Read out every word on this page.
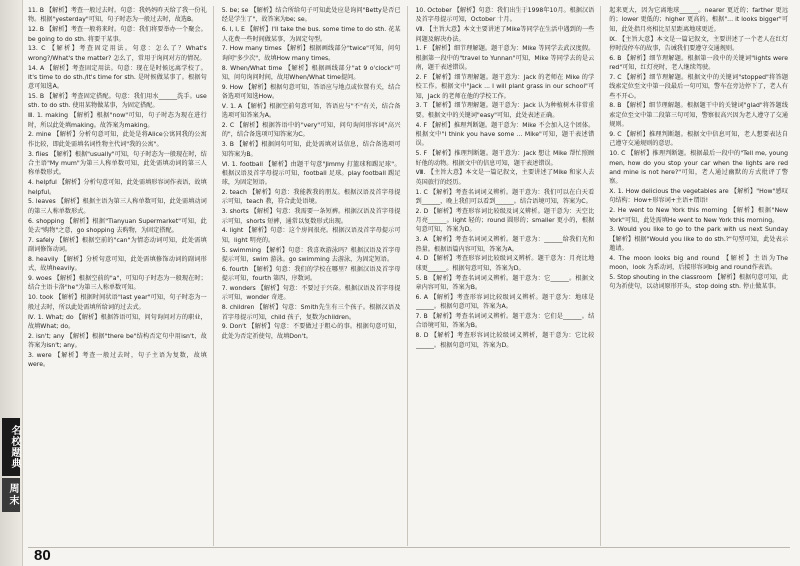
名校题典
周末

11. B 【解析】考查一般过去时。句意：我妈妈昨天给了我一份礼物。根据"yesterday"可知，句子时态为一般过去时，故选B。

12. B 【解析】考查一般将来时。句意：我们将要举办一个聚会。be going to do sth. 将要干某事。

13. C 【解析】考查固定用法。句意：怎么了？What's wrong?/What's the matter? 怎么了，常用于询问对方的情况。

14. A 【解析】考查固定用法。句意：现在是时候远离学校了。It's time to do sth./It's time for sth. 是时候做某事了。根据句意可知选A。

15. B 【解析】考查固定搭配。句意：我们用水______洗手。use sth. to do sth. 使用某物做某事，为固定搭配。

Ⅲ. 1. making 【解析】根据"now"可知，句子时态为现在进行时，所以此处填making。故答案为making。

2. mine 【解析】分析句意可知，此处是将Alice公寓同我的公寓作比较，即此处需填名词性物主代词"我的公寓"。

3. flies 【解析】根据"usually"可知，句子时态为一般现在时，结合主语"My mum"为第三人称单数可知，此处需填动词的第三人称单数形式。

4. helpful 【解析】分析句意可知，此处需填形容词作表语，故填helpful。

5. leaves 【解析】根据主语为第三人称单数可知，此处需填动词的第三人称单数形式。

6. shopping 【解析】根据"Tianyuan Supermarket"可知，此处去"购物"之意，go shopping 去购物，为固定搭配。

7. safely 【解析】根据空前的"can"为情态动词可知，此处需填副词修饰动词。

8. heavily 【解析】分析句意可知，此处需填修饰动词的副词形式，故填heavily。

9. woes 【解析】根据空前的"a"，可知句子时态为一般现在时；结合主语卡洛"he"为第三人称单数可知。

10. took 【解析】根据时间状语"last year"可知，句子时态为一般过去时，所以此处需填所给词的过去式。

Ⅳ. 1. What; do 【解析】根据答语可知，问句询问对方的职业，故填What; do。

2. isn't; any 【解析】根据"there be"结构否定句中用isn't，故答案为isn't; any。

3. were 【解析】考查一般过去时，句子主语为复数，故填were。

5. be; se 【解析】结合所给句子可知此处应是询问"Betty是否已经是学生了"，故答案为be; se。

6. I, I, E 【解析】I'll take the bus. some time to do sth. 花某人花费一些时间做某事，为固定句型。

7. How many times 【解析】根据画线部分"twice"可知，问句询问"多少次"，故填How many times。

8. When/What time 【解析】根据画线部分"at 9 o'clock"可知，问句询问时间，故用When/What time提问。

9. How 【解析】根据句意可知，答语应与地点或位置有关，结合备选项可知选How。

Ⅴ. 1. A 【解析】根据空前句意可知，答语应与"不"有关，结合备选项可知答案为A。

2. C 【解析】根据答语中的"very"可知，问句询问形容词"高兴的"，结合备选项可知答案为C。

3. B 【解析】根据问句可知，此处需填对话信息，结合备选项可知答案为B。

Ⅵ. 1. football 【解析】由题干句意"Jimmy 打篮球和踢足球"。根据汉语及首字母提示可知，football 足球。play football 踢足球，为固定短语。

2. teach 【解析】句意：我能教我的朋友。根据汉语及首字母提示可知，teach 教，符合此处语境。

3. shorts 【解析】句意：我需要一条短裤。根据汉语及首字母提示可知，shorts 短裤，通常以复数形式出现。

4. light 【解析】句意：这个房间很亮。根据汉语及首字母提示可知，light 明亮的。

5. swimming 【解析】句意：我喜欢游泳吗？根据汉语及首字母提示可知，swim 游泳。go swimming 去游泳，为固定短语。

6. fourth 【解析】句意：我们的学校在哪里？根据汉语及首字母提示可知，fourth 第四，序数词。

7. wonders 【解析】句意：不要过于兴奋。根据汉语及首字母提示可知，wonder 奇迹。

8. children 【解析】句意：Smith先生有三个孩子。根据汉语及首字母提示可知，child 孩子，复数为children。

9. Don't 【解析】句意：不要做过于粗心的事。根据句意可知，此处为否定祈使句，故填Don't。

10. October 【解析】句意：我们出生于1998年10月。根据汉语及首字母提示可知，October 十月。

Ⅶ. 【主旨大意】本文主要讲述了Mike等同学在生活中遇到的一些问题及解决办法。

1. F 【解析】细节理解题。题干意为：Mike 等同学去武汉度假。根据第一段中的"travel to Yunnan"可知，Mike 等同学去的是云南，题干表述错误。

2. F 【解析】细节理解题。题干意为：Jack 的老师在 Mike 的学校工作。根据文中"Jack ... I will plant grass in our school"可知，Jack 的老师在他的学校工作。

3. T 【解析】细节理解题。题干意为：Jack 认为种植树木非常重要。根据文中的关键词"easy"可知，此处表述正确。

4. F 【解析】推理判断题。题干意为：Mike 不会加入这个团体。根据文中"I think you have some ... Mike"可知，题干表述错误。

5. F 【解析】推理判断题。题干意为：Jack 想让 Mike 帮忙照顾好他的动物。根据文中的信息可知，题干表述错误。

Ⅷ. 【主旨大意】本文是一篇记叙文，主要讲述了Mike 和家人去英国旅行的经历。

1. C 【解析】考查名词词义辨析。题干意为：我们可以在白天看到______，晚上我们可以看到______。结合语境可知，答案为C。

2. D 【解析】考查形容词比较级及词义辨析。题干意为：天空比月亮______。light 轻的；round 圆形的；smaller 更小的，根据句意可知，答案为D。

3. A 【解析】考查名词词义辨析。题干意为：______给我们光和热量。根据语篇内容可知，答案为A。

4. D 【解析】考查形容词比较级词义辨析。题干意为：月亮比地球更______。根据句意可知，答案为D。

5. B 【解析】考查名词词义辨析。题干意为：它______。根据文章内容可知，答案为B。

6. A 【解析】考查形容词比较级词义辨析。题干意为：地球是______。根据句意可知，答案为A。

7. B 【解析】考查名词词义辨析。题干意为：它们是______。结合语境可知，答案为B。

8. D 【解析】考查形容词比较级词义辨析，题干意为：它比较______。根据句意可知，答案为D。

起来更大，因为它离地球______。nearer 更近的；farther 更远的；lower 更低的；higher 更高的。根据"... it looks bigger"可知，此处指月亮相比星星距离地球更近。

Ⅸ. 【主旨大意】本文是一篇记叙文，主要讲述了一个老人在红灯停时没停车的故事，告诫我们要遵守交通规则。

6. B 【解析】细节理解题。根据第一段中的关键词"lights were red"可知，红灯亮时，老人继续驾驶。

7. C 【解析】细节理解题。根据文中的关键词"stopped"将答题线索定位至文中第一段最后一句可知，警车在旁边停下了，老人有些不开心。

8. B 【解析】细节理解题。根据题干中的关键词"glad"将答题线索定位至文中第二段第三句可知，警察很高兴因为老人遵守了交通规则。

9. C 【解析】推理判断题。根据文中信息可知，老人想要表达自己遵守交通规则的意思。

10. C 【解析】推理判断题。根据最后一段中的"Tell me, young men, how do you stop your car when the lights are red and mine is not here?"可知，老人通过幽默的方式批评了警察。

Ⅹ. 1. How delicious the vegetables are 【解析】"How"感叹句结构：How+形容词+主语+谓语!

2. He went to New York this morning 【解析】根据"New York"可知，此处需填He went to New York this morning。

3. Would you like to go to the park with us next Sunday 【解析】根据"Would you like to do sth.?"句型可知，此处表示邀请。

4. The moon looks big and round 【解析】主语为The moon，look 为系动词，后接形容词big and round作表语。

5. Stop shouting in the classroom 【解析】根据句意可知，此句为祈使句，以动词原形开头，stop doing sth. 停止做某事。

80
